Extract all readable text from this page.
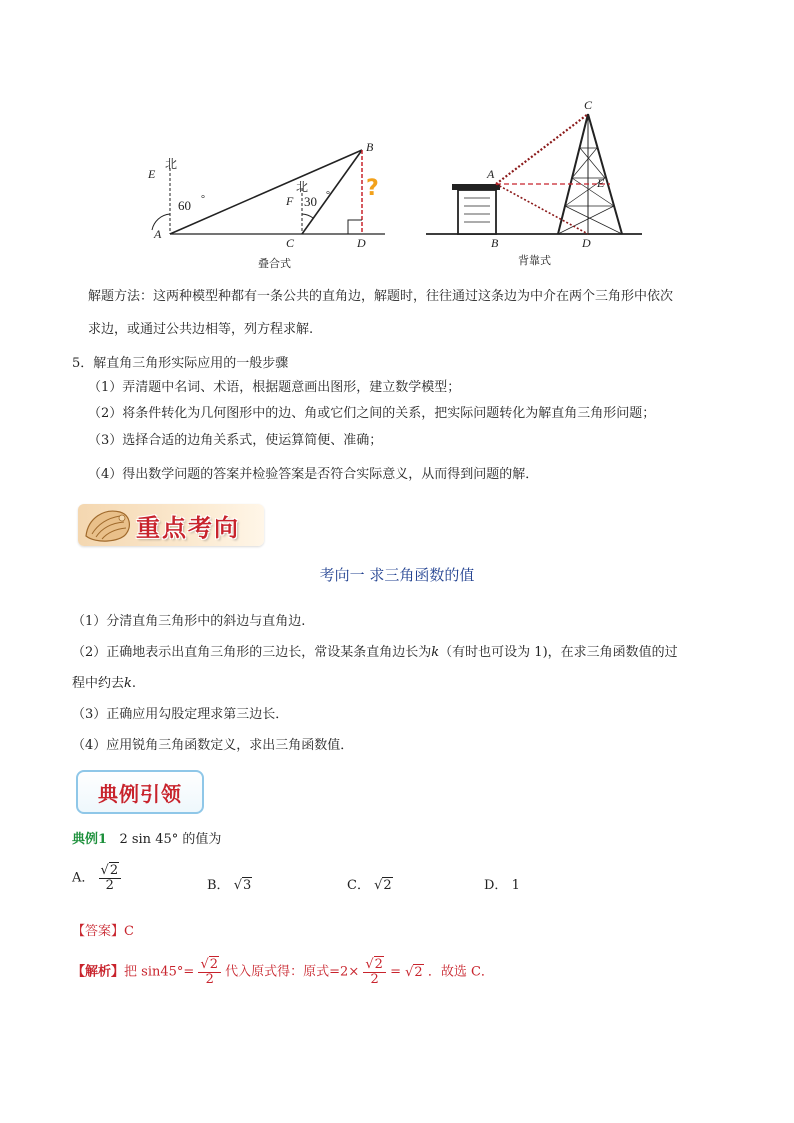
E
北
60 °
A
B
北
F 30 °
C	D
?
叠合式
C
A
E
B	D
背靠式
解题方法：这两种模型种都有一条公共的直角边，解题时，往往通过这条边为中介在两个三角形中依次
求边，或通过公共边相等，列方程求解.
5．解直角三角形实际应用的一般步骤
（1）弄清题中名词、术语，根据题意画出图形，建立数学模型；
（2）将条件转化为几何图形中的边、角或它们之间的关系，把实际问题转化为解直角三角形问题；
（3）选择合适的边角关系式，使运算简便、准确；
（4）得出数学问题的答案并检验答案是否符合实际意义，从而得到问题的解．
重点考向
考向一 求三角函数的值
（1）分清直角三角形中的斜边与直角边.
（2）正确地表示出直角三角形的三边长，常设某条直角边长为k（有时也可设为 1)，在求三角函数值的过
程中约去k.
（3）正确应用勾股定理求第三边长．
（4）应用锐角三角函数定义，求出三角函数值．
典例引领
典例1 2 sin 45° 的值为
A． $\frac{√2}{2}$	B． √3	C． √2	D． 1
【答案】C
【解析】把 $\sin 45^\circ= \frac{√2}{2}$ 代入原式得：原式$=2\times \frac{√2}{2} = √2$ ．故选 C．
